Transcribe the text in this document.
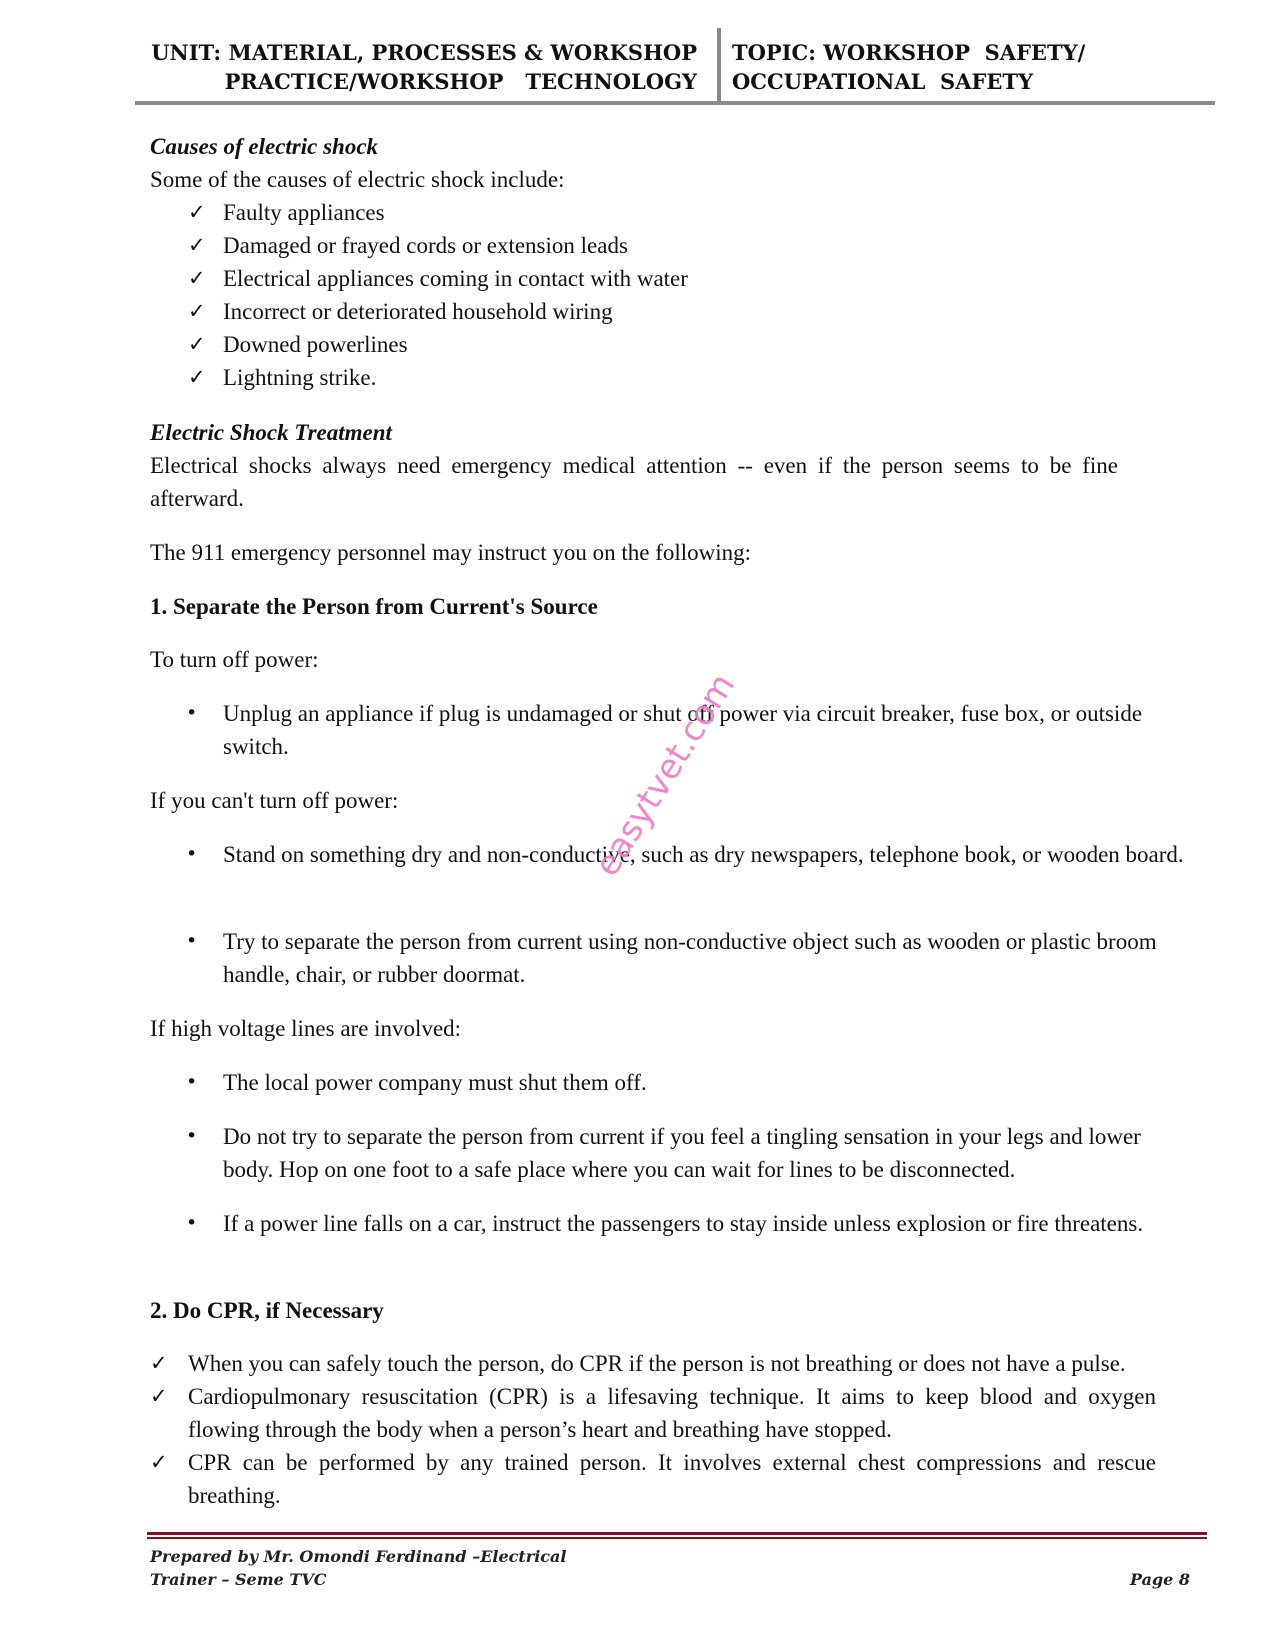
UNIT: MATERIAL, PROCESSES & WORKSHOP
PRACTICE/WORKSHOP   TECHNOLOGY
TOPIC: WORKSHOP  SAFETY/
OCCUPATIONAL  SAFETY
Causes of electric shock
Some of the causes of electric shock include:
✓ Faulty appliances
✓ Damaged or frayed cords or extension leads
✓ Electrical appliances coming in contact with water
✓ Incorrect or deteriorated household wiring
✓ Downed powerlines
✓ Lightning strike.
Electric Shock Treatment
Electrical shocks always need emergency medical attention -- even if the person seems to be fine afterward.
The 911 emergency personnel may instruct you on the following:
1. Separate the Person from Current's Source
To turn off power:
• Unplug an appliance if plug is undamaged or shut off power via circuit breaker, fuse box, or outside switch.
If you can't turn off power:
• Stand on something dry and non-conductive, such as dry newspapers, telephone book, or wooden board.
• Try to separate the person from current using non-conductive object such as wooden or plastic broom handle, chair, or rubber doormat.
If high voltage lines are involved:
• The local power company must shut them off.
• Do not try to separate the person from current if you feel a tingling sensation in your legs and lower body. Hop on one foot to a safe place where you can wait for lines to be disconnected.
• If a power line falls on a car, instruct the passengers to stay inside unless explosion or fire threatens.
2. Do CPR, if Necessary
✓ When you can safely touch the person, do CPR if the person is not breathing or does not have a pulse.
✓ Cardiopulmonary resuscitation (CPR) is a lifesaving technique. It aims to keep blood and oxygen flowing through the body when a person’s heart and breathing have stopped.
✓ CPR can be performed by any trained person. It involves external chest compressions and rescue breathing.
easytvet.com
Prepared by Mr. Omondi Ferdinand –Electrical
Trainer – Seme TVC	Page 8
